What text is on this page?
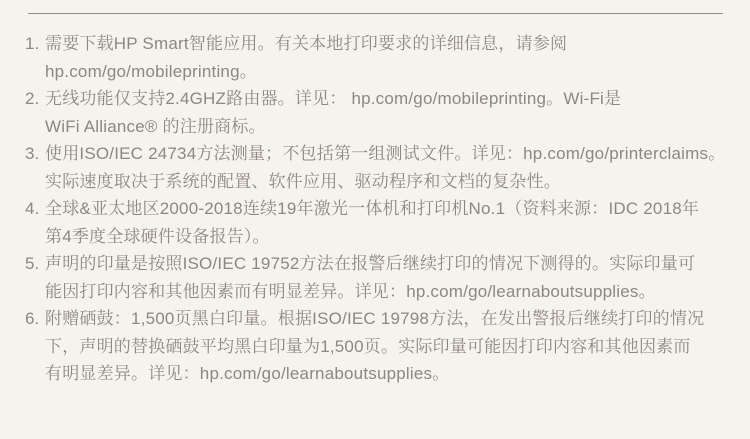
1. 需要下载HP Smart智能应用。有关本地打印要求的详细信息，请参阅
hp.com/go/mobileprinting。
2. 无线功能仅支持2.4GHZ路由器。详见： hp.com/go/mobileprinting。Wi-Fi是
WiFi Alliance® 的注册商标。
3. 使用ISO/IEC 24734方法测量；不包括第一组测试文件。详见：hp.com/go/printerclaims。
实际速度取决于系统的配置、软件应用、驱动程序和文档的复杂性。
4. 全球&亚太地区2000-2018连续19年激光一体机和打印机No.1（资料来源：IDC 2018年
第4季度全球硬件设备报告）。
5. 声明的印量是按照ISO/IEC 19752方法在报警后继续打印的情况下测得的。实际印量可
能因打印内容和其他因素而有明显差异。详见：hp.com/go/learnaboutsupplies。
6. 附赠硒鼓：1,500页黑白印量。根据ISO/IEC 19798方法，在发出警报后继续打印的情况
下，声明的替换硒鼓平均黑白印量为1,500页。实际印量可能因打印内容和其他因素而
有明显差异。详见：hp.com/go/learnaboutsupplies。
